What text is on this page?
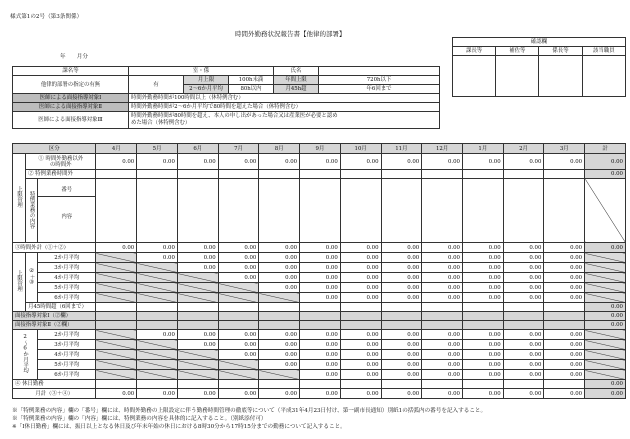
様式第1の2号（第3条関係）
時間外勤務状況報告書【他律的部署】
年　　月分
確認欄			
課長等	補佐等	係長等	該当職員

課名等	室・係			氏名	
他律的部署の指定の有無	有	月上限	100h未満	年間上限	720h以下
		2～6か月平均	80h以内	月45h超	年6回まで
医師による面接指導対象Ⅰ	時間外勤務時間が100時間以上（休特例含む）				
医師による面接指導対象Ⅱ	時間外勤務時間が2～6か月平均で80時間を超えた場合（休特例含む）				
医師による面接指導対象Ⅲ	時間外勤務時間が80時間を超え、本人の申し出があった場合又は産業医が必要と認め
めた場合（休特例含む）				
区分			4月	5月	6月	7月	8月	9月	10月	11月	12月	1月	2月	3月	計
上限管理	① 時間外勤務以外
の時間外		0.00	0.00	0.00	0.00	0.00	0.00	0.00	0.00	0.00	0.00	0.00	0.00	0.00
	② 特例業務時間外														0.00
	特例業務の内容	番号
内容													

③時間外計（①＋②）			0.00	0.00	0.00	0.00	0.00	0.00	0.00	0.00	0.00	0.00	0.00	0.00	0.00
上限管理	②＋③	2か月平均		0.00	0.00	0.00	0.00	0.00	0.00	0.00	0.00	0.00	0.00	0.00	
		3か月平均			0.00	0.00	0.00	0.00	0.00	0.00	0.00	0.00	0.00	0.00	
		4か月平均				0.00	0.00	0.00	0.00	0.00	0.00	0.00	0.00	0.00	
		5か月平均					0.00	0.00	0.00	0.00	0.00	0.00	0.00	0.00	
		6か月平均						0.00	0.00	0.00	0.00	0.00	0.00	0.00	
	月45時間超（6回まで）														0.00
面接指導対象Ⅰ（②欄）															0.00
面接指導対象Ⅱ（②欄）															0.00
2～6か月平均		2か月平均		0.00	0.00	0.00	0.00	0.00	0.00	0.00	0.00	0.00	0.00	0.00	
		3か月平均			0.00	0.00	0.00	0.00	0.00	0.00	0.00	0.00	0.00	0.00	
		4か月平均				0.00	0.00	0.00	0.00	0.00	0.00	0.00	0.00	0.00	
		5か月平均					0.00	0.00	0.00	0.00	0.00	0.00	0.00	0.00	
		6か月平均						0.00	0.00	0.00	0.00	0.00	0.00	0.00	
④ 休日勤務															0.00
月計（③＋④）			0.00	0.00	0.00	0.00	0.00	0.00	0.00	0.00	0.00	0.00	0.00	0.00	0.00
※「特例業務の内容」欄の「番号」欄には、時間外勤務の上限設定に伴う勤務時間管理の徹底等について（平成31年4月23日付け、第一副市長通知）別紙1の括弧内の番号を記入すること。
※「特例業務の内容」欄の「内容」欄には、特例業務の内容を具体的に記入すること。（別紙添付可）
※「Ⅰ休日勤務」欄には、振日以上となる休日及び年末年始の休日における8時30分から17時15分までの勤務について記入すること。
